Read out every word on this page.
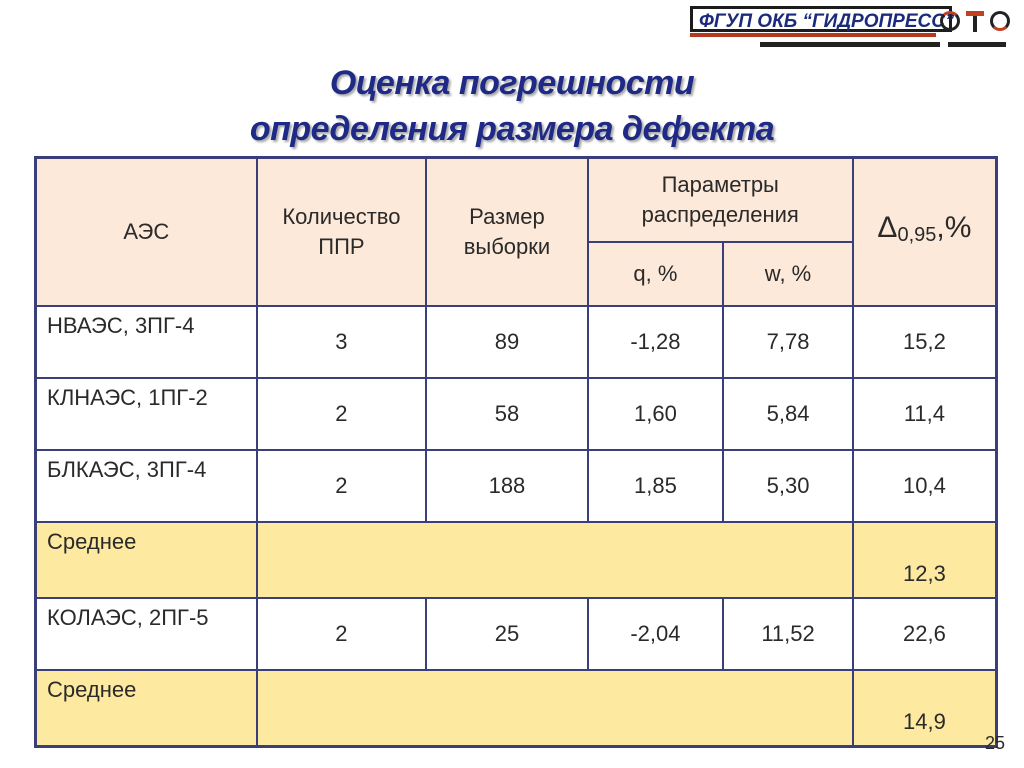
ФГУП ОКБ “ГИДРОПРЕСС”
Оценка погрешности
определения размера дефекта
АЭС	Количество ППР	Размер выборки	Параметры распределения		$\Delta_{0,95},\%$
			q, %	w, %	
НВАЭС, 3ПГ-4	3	89	-1,28	7,78	15,2
КЛНАЭС, 1ПГ-2	2	58	1,60	5,84	11,4
БЛКАЭС, 3ПГ-4	2	188	1,85	5,30	10,4
Среднее					12,3
КОЛАЭС, 2ПГ-5	2	25	-2,04	11,52	22,6
Среднее					14,9
25
